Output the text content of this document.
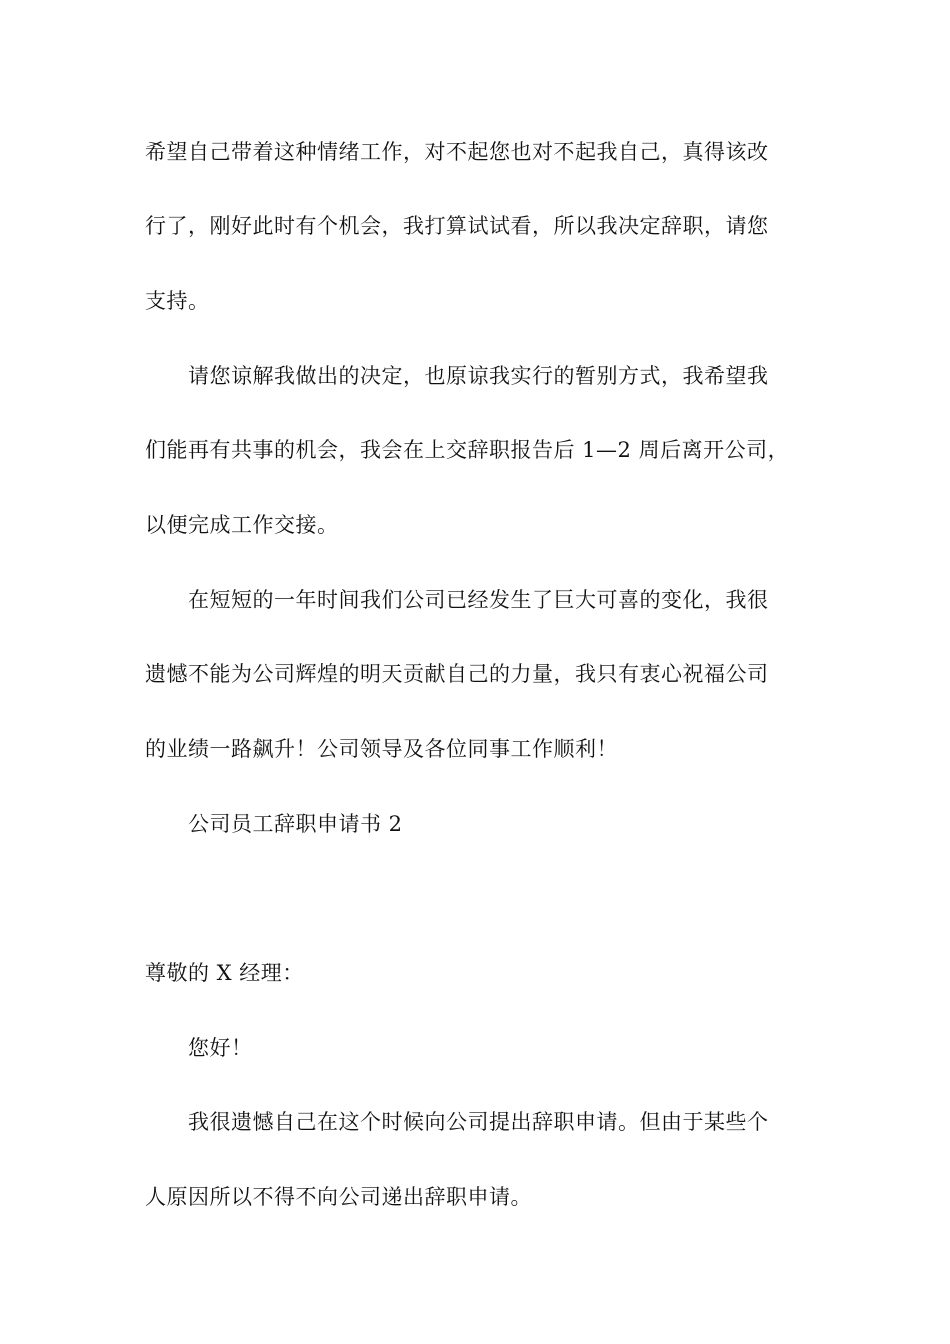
希望自己带着这种情绪工作，对不起您也对不起我自己，真得该改
行了，刚好此时有个机会，我打算试试看，所以我决定辞职，请您
支持。
请您谅解我做出的决定，也原谅我实行的暂别方式，我希望我
们能再有共事的机会，我会在上交辞职报告后 1—2 周后离开公司，
以便完成工作交接。
在短短的一年时间我们公司已经发生了巨大可喜的变化，我很
遗憾不能为公司辉煌的明天贡献自己的力量，我只有衷心祝福公司
的业绩一路飙升！公司领导及各位同事工作顺利！
公司员工辞职申请书 2
尊敬的 X 经理：
您好！
我很遗憾自己在这个时候向公司提出辞职申请。但由于某些个
人原因所以不得不向公司递出辞职申请。
